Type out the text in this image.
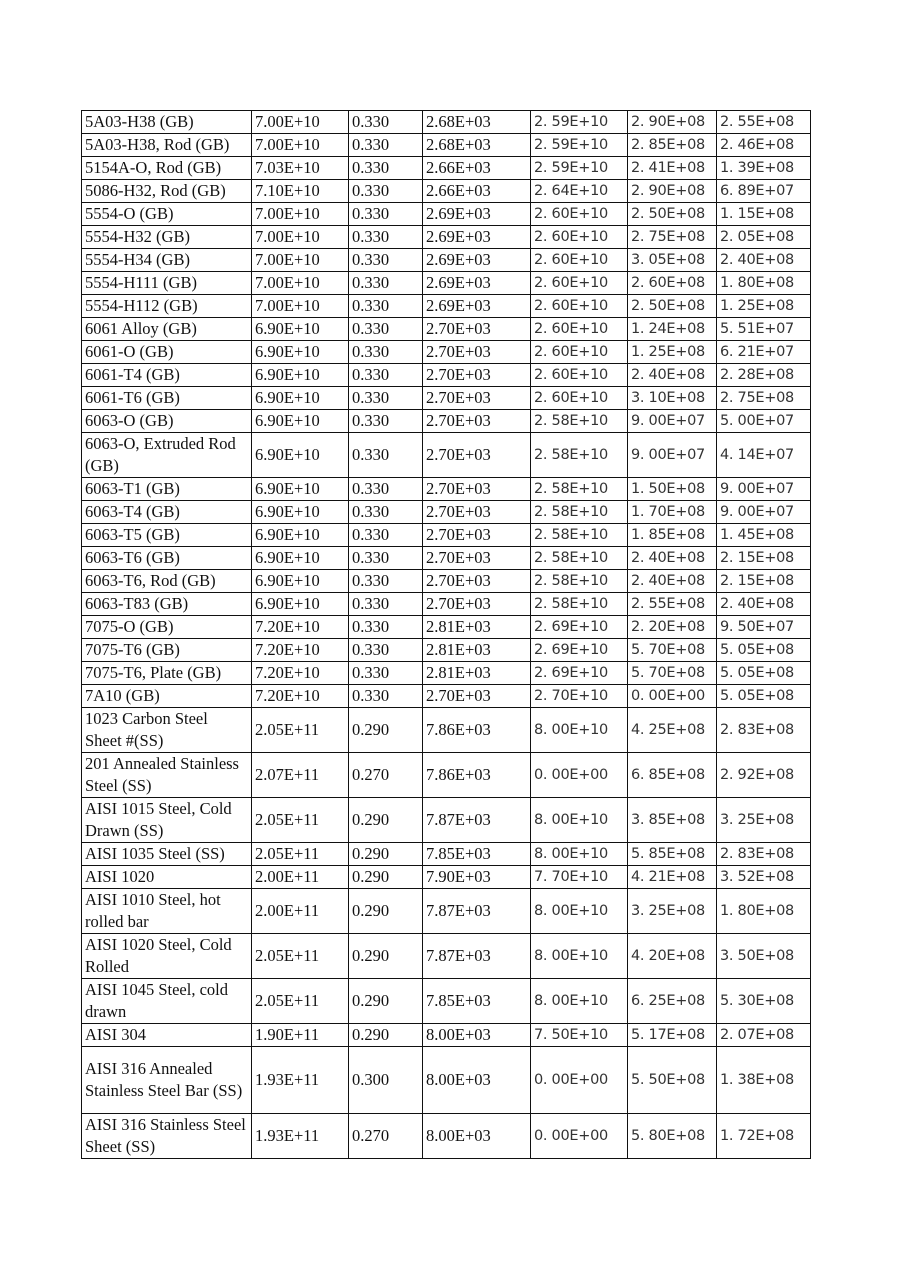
5A03-H38 (GB)	7.00E+10	0.330	2.68E+03	2. 59E+10	2. 90E+08	2. 55E+08
5A03-H38, Rod (GB)	7.00E+10	0.330	2.68E+03	2. 59E+10	2. 85E+08	2. 46E+08
5154A-O, Rod (GB)	7.03E+10	0.330	2.66E+03	2. 59E+10	2. 41E+08	1. 39E+08
5086-H32, Rod (GB)	7.10E+10	0.330	2.66E+03	2. 64E+10	2. 90E+08	6. 89E+07
5554-O (GB)	7.00E+10	0.330	2.69E+03	2. 60E+10	2. 50E+08	1. 15E+08
5554-H32 (GB)	7.00E+10	0.330	2.69E+03	2. 60E+10	2. 75E+08	2. 05E+08
5554-H34 (GB)	7.00E+10	0.330	2.69E+03	2. 60E+10	3. 05E+08	2. 40E+08
5554-H111 (GB)	7.00E+10	0.330	2.69E+03	2. 60E+10	2. 60E+08	1. 80E+08
5554-H112 (GB)	7.00E+10	0.330	2.69E+03	2. 60E+10	2. 50E+08	1. 25E+08
6061 Alloy (GB)	6.90E+10	0.330	2.70E+03	2. 60E+10	1. 24E+08	5. 51E+07
6061-O (GB)	6.90E+10	0.330	2.70E+03	2. 60E+10	1. 25E+08	6. 21E+07
6061-T4 (GB)	6.90E+10	0.330	2.70E+03	2. 60E+10	2. 40E+08	2. 28E+08
6061-T6 (GB)	6.90E+10	0.330	2.70E+03	2. 60E+10	3. 10E+08	2. 75E+08
6063-O (GB)	6.90E+10	0.330	2.70E+03	2. 58E+10	9. 00E+07	5. 00E+07
6063-O, Extruded Rod (GB)	6.90E+10	0.330	2.70E+03	2. 58E+10	9. 00E+07	4. 14E+07
6063-T1 (GB)	6.90E+10	0.330	2.70E+03	2. 58E+10	1. 50E+08	9. 00E+07
6063-T4 (GB)	6.90E+10	0.330	2.70E+03	2. 58E+10	1. 70E+08	9. 00E+07
6063-T5 (GB)	6.90E+10	0.330	2.70E+03	2. 58E+10	1. 85E+08	1. 45E+08
6063-T6 (GB)	6.90E+10	0.330	2.70E+03	2. 58E+10	2. 40E+08	2. 15E+08
6063-T6, Rod (GB)	6.90E+10	0.330	2.70E+03	2. 58E+10	2. 40E+08	2. 15E+08
6063-T83 (GB)	6.90E+10	0.330	2.70E+03	2. 58E+10	2. 55E+08	2. 40E+08
7075-O (GB)	7.20E+10	0.330	2.81E+03	2. 69E+10	2. 20E+08	9. 50E+07
7075-T6 (GB)	7.20E+10	0.330	2.81E+03	2. 69E+10	5. 70E+08	5. 05E+08
7075-T6, Plate (GB)	7.20E+10	0.330	2.81E+03	2. 69E+10	5. 70E+08	5. 05E+08
7A10 (GB)	7.20E+10	0.330	2.70E+03	2. 70E+10	0. 00E+00	5. 05E+08
1023 Carbon Steel Sheet #(SS)	2.05E+11	0.290	7.86E+03	8. 00E+10	4. 25E+08	2. 83E+08
201 Annealed Stainless Steel (SS)	2.07E+11	0.270	7.86E+03	0. 00E+00	6. 85E+08	2. 92E+08
AISI 1015 Steel, Cold Drawn (SS)	2.05E+11	0.290	7.87E+03	8. 00E+10	3. 85E+08	3. 25E+08
AISI 1035 Steel (SS)	2.05E+11	0.290	7.85E+03	8. 00E+10	5. 85E+08	2. 83E+08
AISI 1020	2.00E+11	0.290	7.90E+03	7. 70E+10	4. 21E+08	3. 52E+08
AISI 1010 Steel, hot rolled bar	2.00E+11	0.290	7.87E+03	8. 00E+10	3. 25E+08	1. 80E+08
AISI 1020 Steel, Cold Rolled	2.05E+11	0.290	7.87E+03	8. 00E+10	4. 20E+08	3. 50E+08
AISI 1045 Steel, cold drawn	2.05E+11	0.290	7.85E+03	8. 00E+10	6. 25E+08	5. 30E+08
AISI 304	1.90E+11	0.290	8.00E+03	7. 50E+10	5. 17E+08	2. 07E+08
AISI 316 Annealed Stainless Steel Bar (SS)	1.93E+11	0.300	8.00E+03	0. 00E+00	5. 50E+08	1. 38E+08
AISI 316 Stainless Steel Sheet (SS)	1.93E+11	0.270	8.00E+03	0. 00E+00	5. 80E+08	1. 72E+08
